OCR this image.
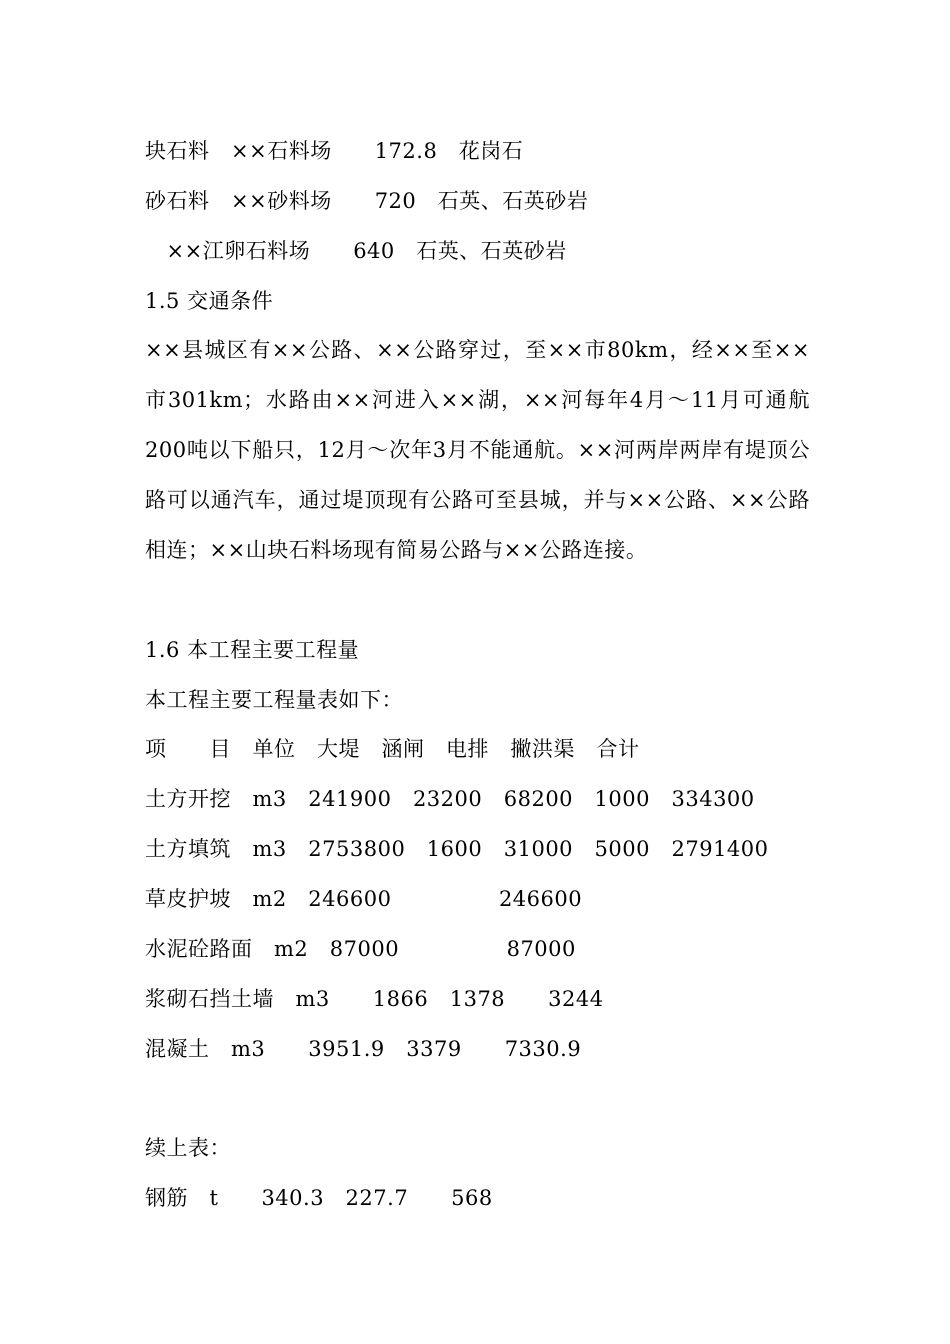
块石料　××石料场　　172.8　花岗石
砂石料　××砂料场　　720　石英、石英砂岩
　××江卵石料场　　640　石英、石英砂岩
1.5 交通条件
××县城区有××公路、××公路穿过，至××市80km，经××至××市301km；水路由××河进入××湖，××河每年4月～11月可通航200吨以下船只，12月～次年3月不能通航。××河两岸两岸有堤顶公路可以通汽车，通过堤顶现有公路可至县城，并与××公路、××公路相连；××山块石料场现有简易公路与××公路连接。
1.6 本工程主要工程量
本工程主要工程量表如下：
项　　目　单位　大堤　涵闸　电排　撇洪渠　合计
土方开挖　m3　241900　23200　68200　1000　334300
土方填筑　m3　2753800　1600　31000　5000　2791400
草皮护坡　m2　246600　　　　　246600
水泥砼路面　m2　87000　　　　　87000
浆砌石挡土墙　m3　　1866　1378　　3244
混凝土　m3　　3951.9　3379　　7330.9
续上表：
钢筋　t　　340.3　227.7　　568
